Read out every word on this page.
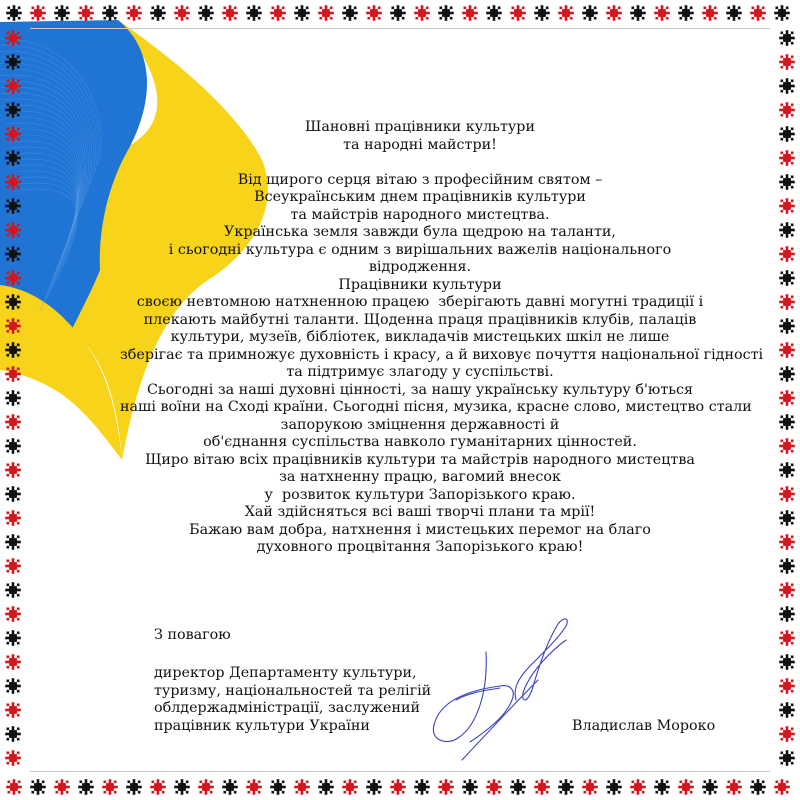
Шановні працівники культури
та народні майстри!
Від щирого серця вітаю з професійним святом –
Всеукраїнським днем працівників культури
та майстрів народного мистецтва.
Українська земля завжди була щедрою на таланти,
і сьогодні культура є одним з вирішальних важелів національного
відродження.
Працівники культури
своєю невтомною натхненною працею  зберігають давні могутні традиції і
плекають майбутні таланти. Щоденна праця працівників клубів, палаців
культури, музеїв, бібліотек, викладачів мистецьких шкіл не лише
зберігає та примножує духовність і красу, а й виховує почуття національної гідності
та підтримує злагоду у суспільстві.
Сьогодні за наші духовні цінності, за нашу українську культуру б'ються
наші воїни на Сході країни. Сьогодні пісня, музика, красне слово, мистецтво стали
запорукою зміцнення державності й
об'єднання суспільства навколо гуманітарних цінностей.
Щиро вітаю всіх працівників культури та майстрів народного мистецтва
за натхненну працю, вагомий внесок
у  розвиток культури Запорізького краю.
Хай здійсняться всі ваші творчі плани та мрії!
Бажаю вам добра, натхнення і мистецьких перемог на благо
духовного процвітання Запорізького краю!
З повагою
директор Департаменту культури,
туризму, національностей та релігій
облдержадміністрації, заслужений
працівник культури України	Владислав Мороко
